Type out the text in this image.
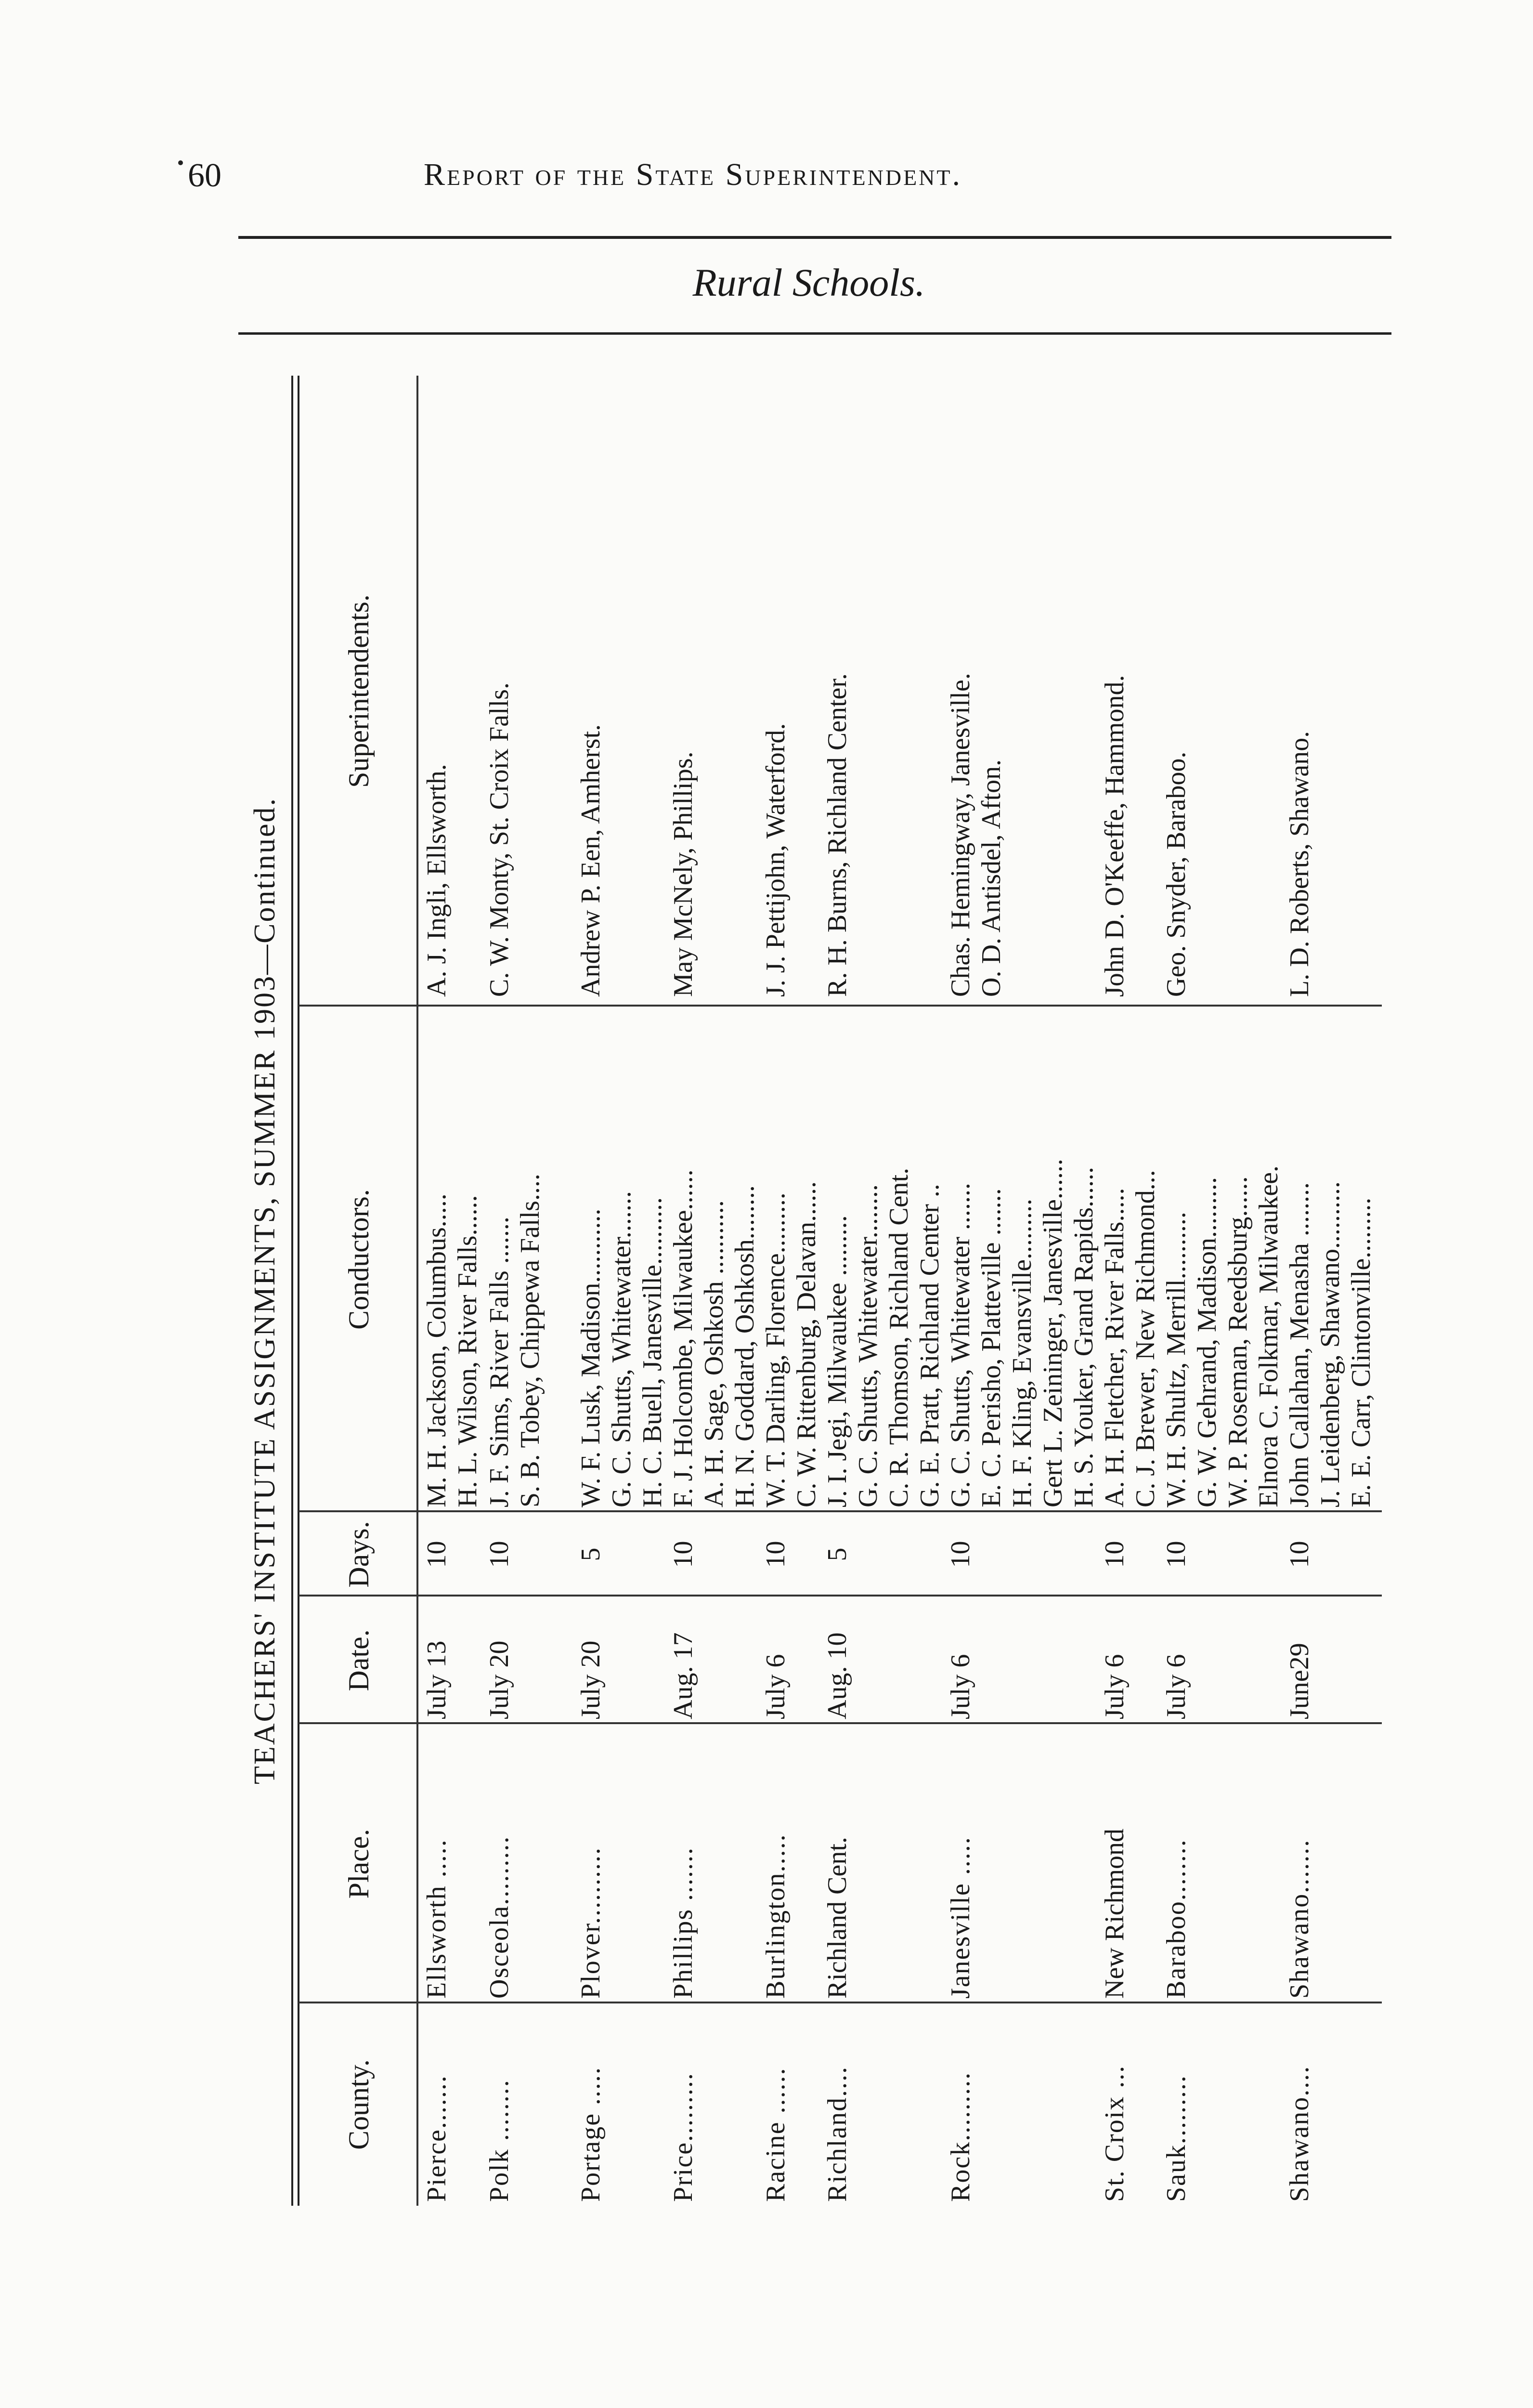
60	Report of the State Superintendent.
Rural Schools.
TEACHERS' INSTITUTE ASSIGNMENTS, SUMMER 1903—Continued.
County.
Place.
Date.
Days.
Conductors.
Superintendents.
Pierce.......
Ellsworth .....
July 13
10
M. H. Jackson, Columbus..... H. L. Wilson, River Falls......
A. J. Ingli, Ellsworth.
Polk ........
Osceola.........
July 20
10
J. F. Sims, River Falls ....... S. B. Tobey, Chippewa Falls....
C. W. Monty, St. Croix Falls.
Portage .....
Plover..........
July 20
5
W. F. Lusk, Madison........... G. C. Shutts, Whitewater....... H. C. Buell, Janesville..........
Andrew P. Een, Amherst.
Price.........
Phillips .......
Aug. 17
10
F. J. Holcombe, Milwaukee...... A. H. Sage, Oshkosh ........... H. N. Goddard, Oshkosh........
May McNely, Phillips.
Racine ......
Burlington.....
July 6
10
W. T. Darling, Florence......... C. W. Rittenburg, Delavan......
J. J. Pettijohn, Waterford.
Richland....
Richland Cent.
Aug. 10
5
J. I. Jegi, Milwaukee ......... G. C. Shutts, Whitewater........
R. H. Burns, Richland Center.
Rock.........
Janesville .....
July 6
10
C. R. Thomson, Richland Cent. G. E. Pratt, Richland Center .. G. C. Shutts, Whitewater ....... E. C. Perisho, Platteville ....... H. F. Kling, Evansville......... Gert L. Zeininger, Janesville...... H. S. Youker, Grand Rapids......
Chas. Hemingway, Janesville. O. D. Antisdel, Afton.
St. Croix ...
New Richmond
July 6
10
A. H. Fletcher, River Falls..... C. J. Brewer, New Richmond...
John D. O'Keeffe, Hammond.
Sauk.........
Baraboo........
July 6
10
W. H. Shultz, Merrill.......... G. W. Gehrand, Madison......... W. P. Roseman, Reedsburg...... Elnora C. Folkmar, Milwaukee.
Geo. Snyder, Baraboo.
Shawano....
Shawano.......
June29
10
John Callahan, Menasha ........ J. Leidenberg, Shawano.......... E. E. Carr, Clintonville.........
L. D. Roberts, Shawano.
